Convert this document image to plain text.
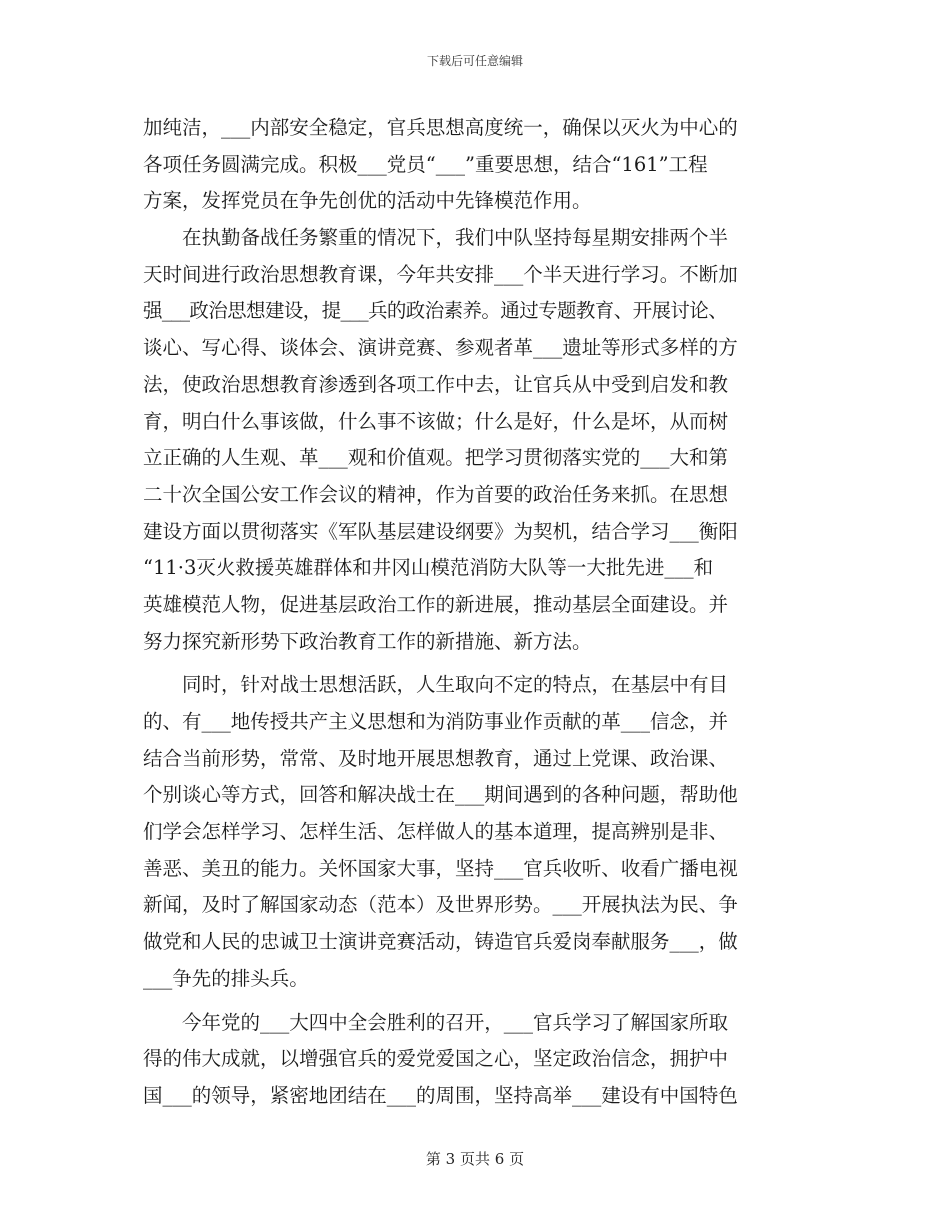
下载后可任意编辑
加纯洁，___内部安全稳定，官兵思想高度统一，确保以灭火为中心的
各项任务圆满完成。积极___党员“___”重要思想，结合“161”工程
方案，发挥党员在争先创优的活动中先锋模范作用。
　　在执勤备战任务繁重的情况下，我们中队坚持每星期安排两个半
天时间进行政治思想教育课，今年共安排___个半天进行学习。不断加
强___政治思想建设，提___兵的政治素养。通过专题教育、开展讨论、
谈心、写心得、谈体会、演讲竞赛、参观者革___遗址等形式多样的方
法，使政治思想教育渗透到各项工作中去，让官兵从中受到启发和教
育，明白什么事该做，什么事不该做；什么是好，什么是坏，从而树
立正确的人生观、革___观和价值观。把学习贯彻落实党的___大和第
二十次全国公安工作会议的精神，作为首要的政治任务来抓。在思想
建设方面以贯彻落实《军队基层建设纲要》为契机，结合学习___衡阳
“11·3灭火救援英雄群体和井冈山模范消防大队等一大批先进___和
英雄模范人物，促进基层政治工作的新进展，推动基层全面建设。并
努力探究新形势下政治教育工作的新措施、新方法。
　　同时，针对战士思想活跃，人生取向不定的特点，在基层中有目
的、有___地传授共产主义思想和为消防事业作贡献的革___信念，并
结合当前形势，常常、及时地开展思想教育，通过上党课、政治课、
个别谈心等方式，回答和解决战士在___期间遇到的各种问题，帮助他
们学会怎样学习、怎样生活、怎样做人的基本道理，提高辨别是非、
善恶、美丑的能力。关怀国家大事，坚持___官兵收听、收看广播电视
新闻，及时了解国家动态（范本）及世界形势。___开展执法为民、争
做党和人民的忠诚卫士演讲竞赛活动，铸造官兵爱岗奉献服务___，做
___争先的排头兵。
　　今年党的___大四中全会胜利的召开，___官兵学习了解国家所取
得的伟大成就，以增强官兵的爱党爱国之心，坚定政治信念，拥护中
国___的领导，紧密地团结在___的周围，坚持高举___建设有中国特色
第 3 页共 6 页
